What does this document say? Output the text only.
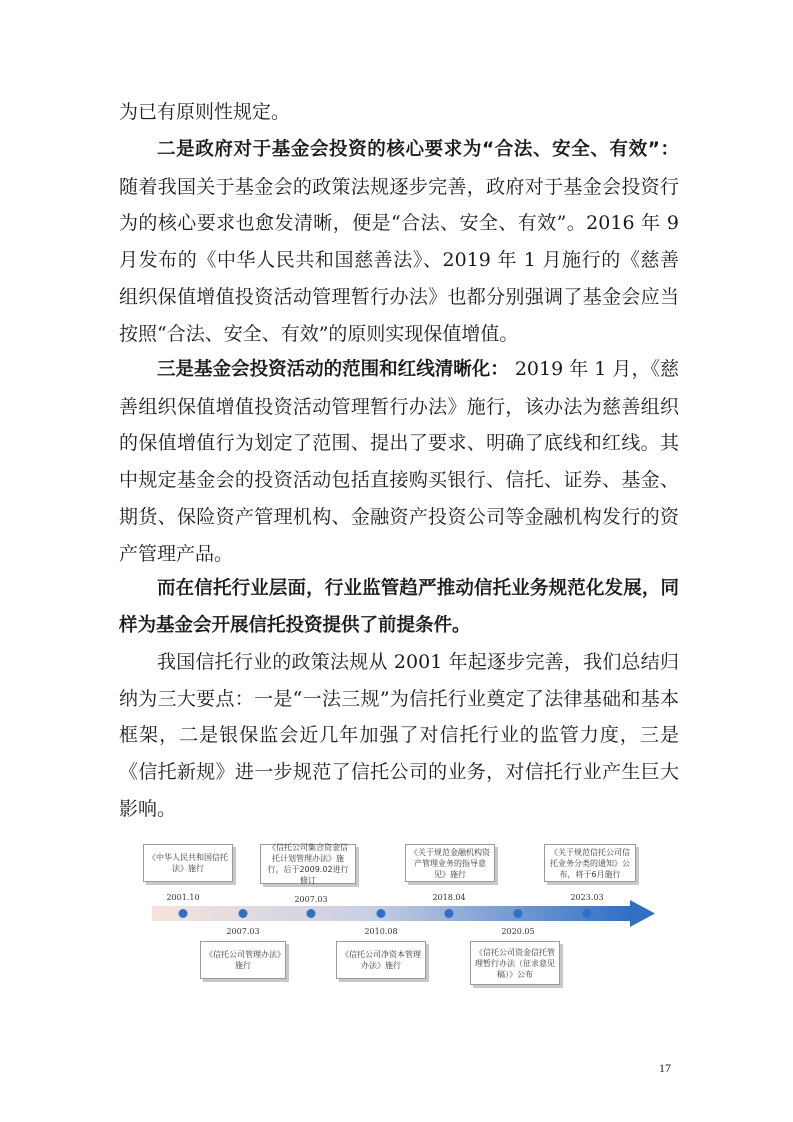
为已有原则性规定。

二是政府对于基金会投资的核心要求为“合法、安全、有效”：随着我国关于基金会的政策法规逐步完善，政府对于基金会投资行为的核心要求也愈发清晰，便是“合法、安全、有效”。2016 年 9 月发布的《中华人民共和国慈善法》、2019 年 1 月施行的《慈善组织保值增值投资活动管理暂行办法》也都分别强调了基金会应当按照“合法、安全、有效”的原则实现保值增值。

三是基金会投资活动的范围和红线清晰化： 2019 年 1 月，《慈善组织保值增值投资活动管理暂行办法》施行，该办法为慈善组织的保值增值行为划定了范围、提出了要求、明确了底线和红线。其中规定基金会的投资活动包括直接购买银行、信托、证券、基金、期货、保险资产管理机构、金融资产投资公司等金融机构发行的资产管理产品。

而在信托行业层面，行业监管趋严推动信托业务规范化发展，同样为基金会开展信托投资提供了前提条件。

我国信托行业的政策法规从 2001 年起逐步完善，我们总结归纳为三大要点：一是“一法三规”为信托行业奠定了法律基础和基本框架，二是银保监会近几年加强了对信托行业的监管力度，三是《信托新规》进一步规范了信托公司的业务，对信托行业产生巨大影响。

《中华人民共和国信托法》施行
2001.10
《信托公司集合资金信托计划管理办法》施行，后于2009.02进行修订
2007.03
《关于规范金融机构资产管理业务的指导意见》施行
2018.04
《关于规范信托公司信托业务分类的通知》公布，将于6月施行
2023.03
2007.03
《信托公司管理办法》施行
2010.08
《信托公司净资本管理办法》施行
2020.05
《信托公司资金信托管理暂行办法（征求意见稿）》公布
17
